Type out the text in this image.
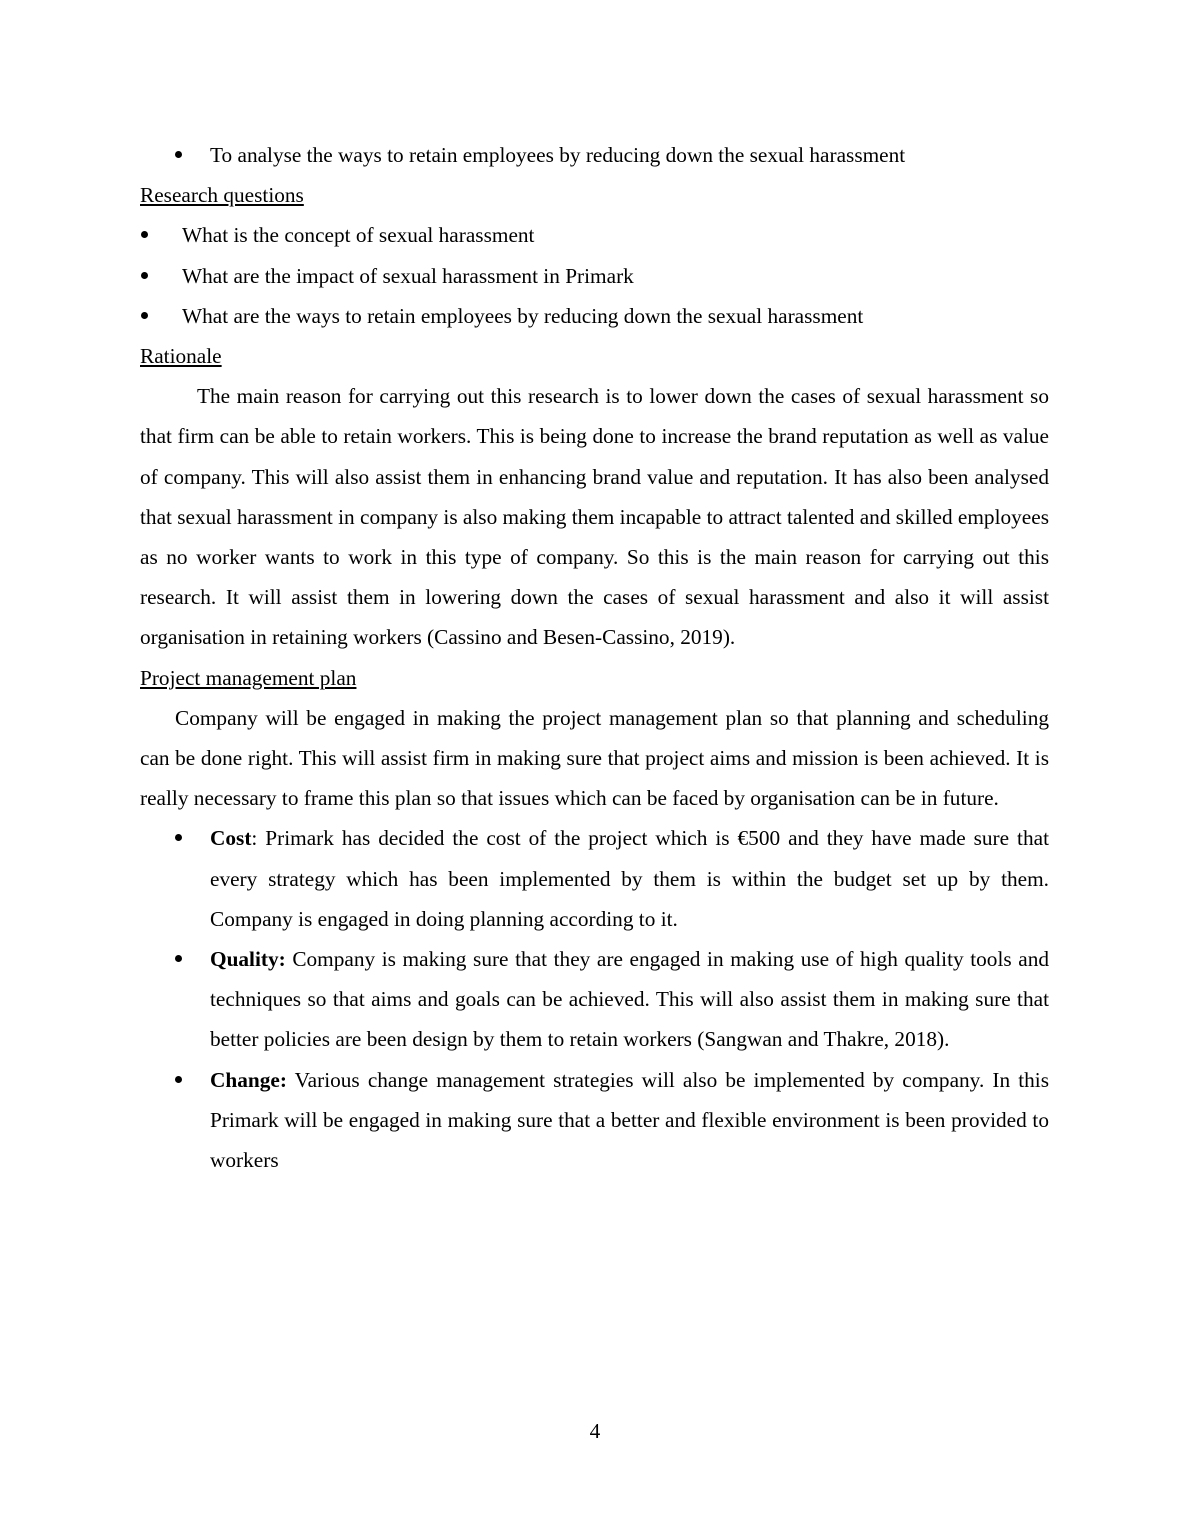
To analyse the ways to retain employees by reducing down the sexual harassment
Research questions
What is the concept of sexual harassment
What are the impact of sexual harassment in Primark
What are the ways to retain employees by reducing down the sexual harassment
Rationale
The main reason for carrying out this research is to lower down the cases of sexual harassment so that firm can be able to retain workers. This is being done to increase the brand reputation as well as value of company. This will also assist them in enhancing brand value and reputation. It has also been analysed that sexual harassment in company is also making them incapable to attract talented and skilled employees as no worker wants to work in this type of company. So this is the main reason for carrying out this research. It will assist them in lowering down the cases of sexual harassment and also it will assist organisation in retaining workers (Cassino and Besen-Cassino, 2019).
Project management plan
Company will be engaged in making the project management plan so that planning and scheduling can be done right. This will assist firm in making sure that project aims and mission is been achieved. It is really necessary to frame this plan so that issues which can be faced by organisation can be in future.
Cost: Primark has decided the cost of the project which is €500 and they have made sure that every strategy which has been implemented by them is within the budget set up by them. Company is engaged in doing planning according to it.
Quality: Company is making sure that they are engaged in making use of high quality tools and techniques so that aims and goals can be achieved. This will also assist them in making sure that better policies are been design by them to retain workers (Sangwan and Thakre, 2018).
Change: Various change management strategies will also be implemented by company. In this Primark will be engaged in making sure that a better and flexible environment is been provided to workers
4
